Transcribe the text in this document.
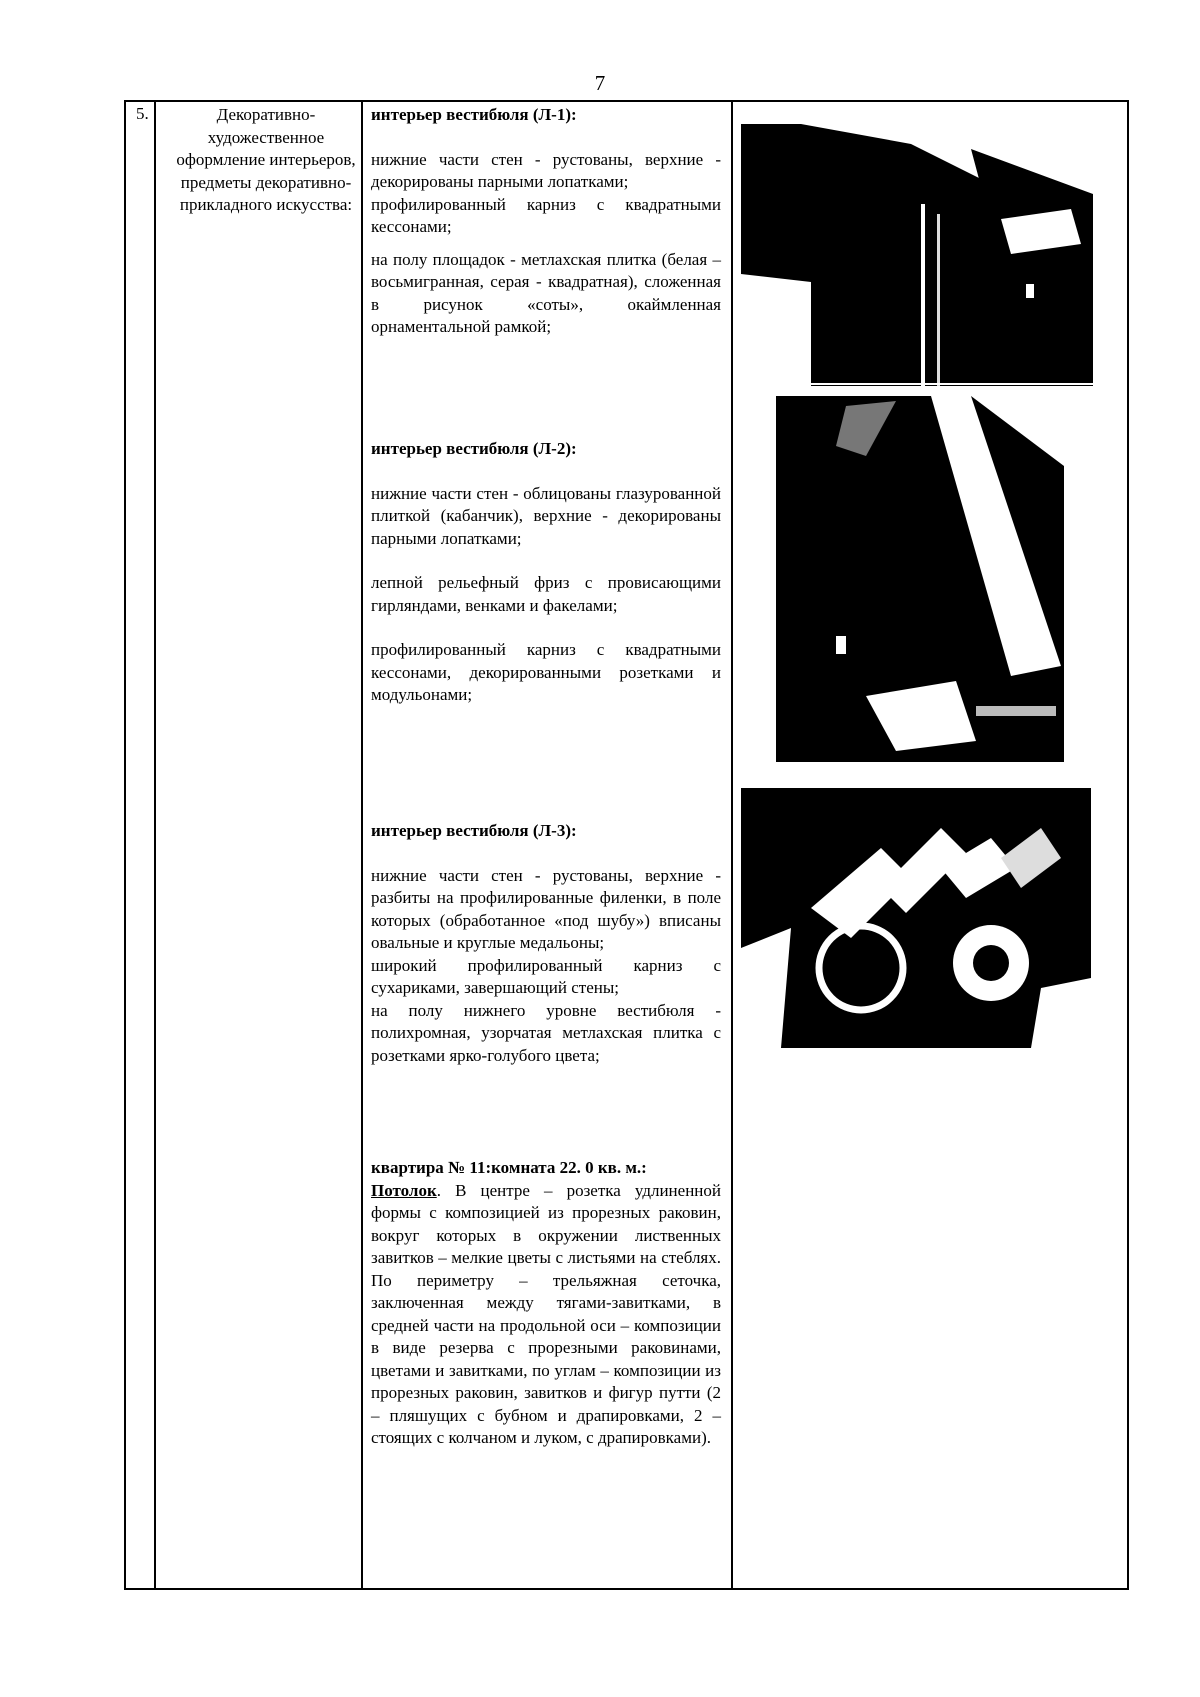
7
5.	Декоративно-художественное оформление интерьеров, предметы декоративно-прикладного искусства:

интерьер вестибюля (Л-1):

нижние части стен - рустованы, верхние - декорированы парными лопатками;

профилированный карниз с квадратными кессонами;

на полу площадок - метлахская плитка (белая – восьмигранная, серая - квадратная), сложенная в рисунок «соты», окаймленная орнаментальной рамкой;

интерьер вестибюля (Л-2):

нижние части стен - облицованы глазурованной плиткой (кабанчик), верхние - декорированы парными лопатками;

лепной рельефный фриз с провисающими гирляндами, венками и факелами;

профилированный карниз с квадратными кессонами, декорированными розетками и модульонами;

интерьер вестибюля (Л-3):

нижние части стен - рустованы, верхние - разбиты на профилированные филенки, в поле которых (обработанное «под шубу») вписаны овальные и круглые медальоны;

широкий профилированный карниз с сухариками, завершающий стены;

на полу нижнего уровне вестибюля - полихромная, узорчатая метлахская плитка с розетками ярко-голубого цвета;

квартира № 11:комната 22. 0 кв. м.:

Потолок. В центре – розетка удлиненной формы с композицией из прорезных раковин, вокруг которых в окружении лиственных завитков – мелкие цветы с листьями на стеблях. По периметру – трельяжная сеточка, заключенная между тягами-завитками, в средней части на продольной оси – композиции в виде резерва с прорезными раковинами, цветами и завитками, по углам – композиции из прорезных раковин, завитков и фигур путти (2 – пляшущих с бубном и драпировками, 2 – стоящих с колчаном и луком, с драпировками).
